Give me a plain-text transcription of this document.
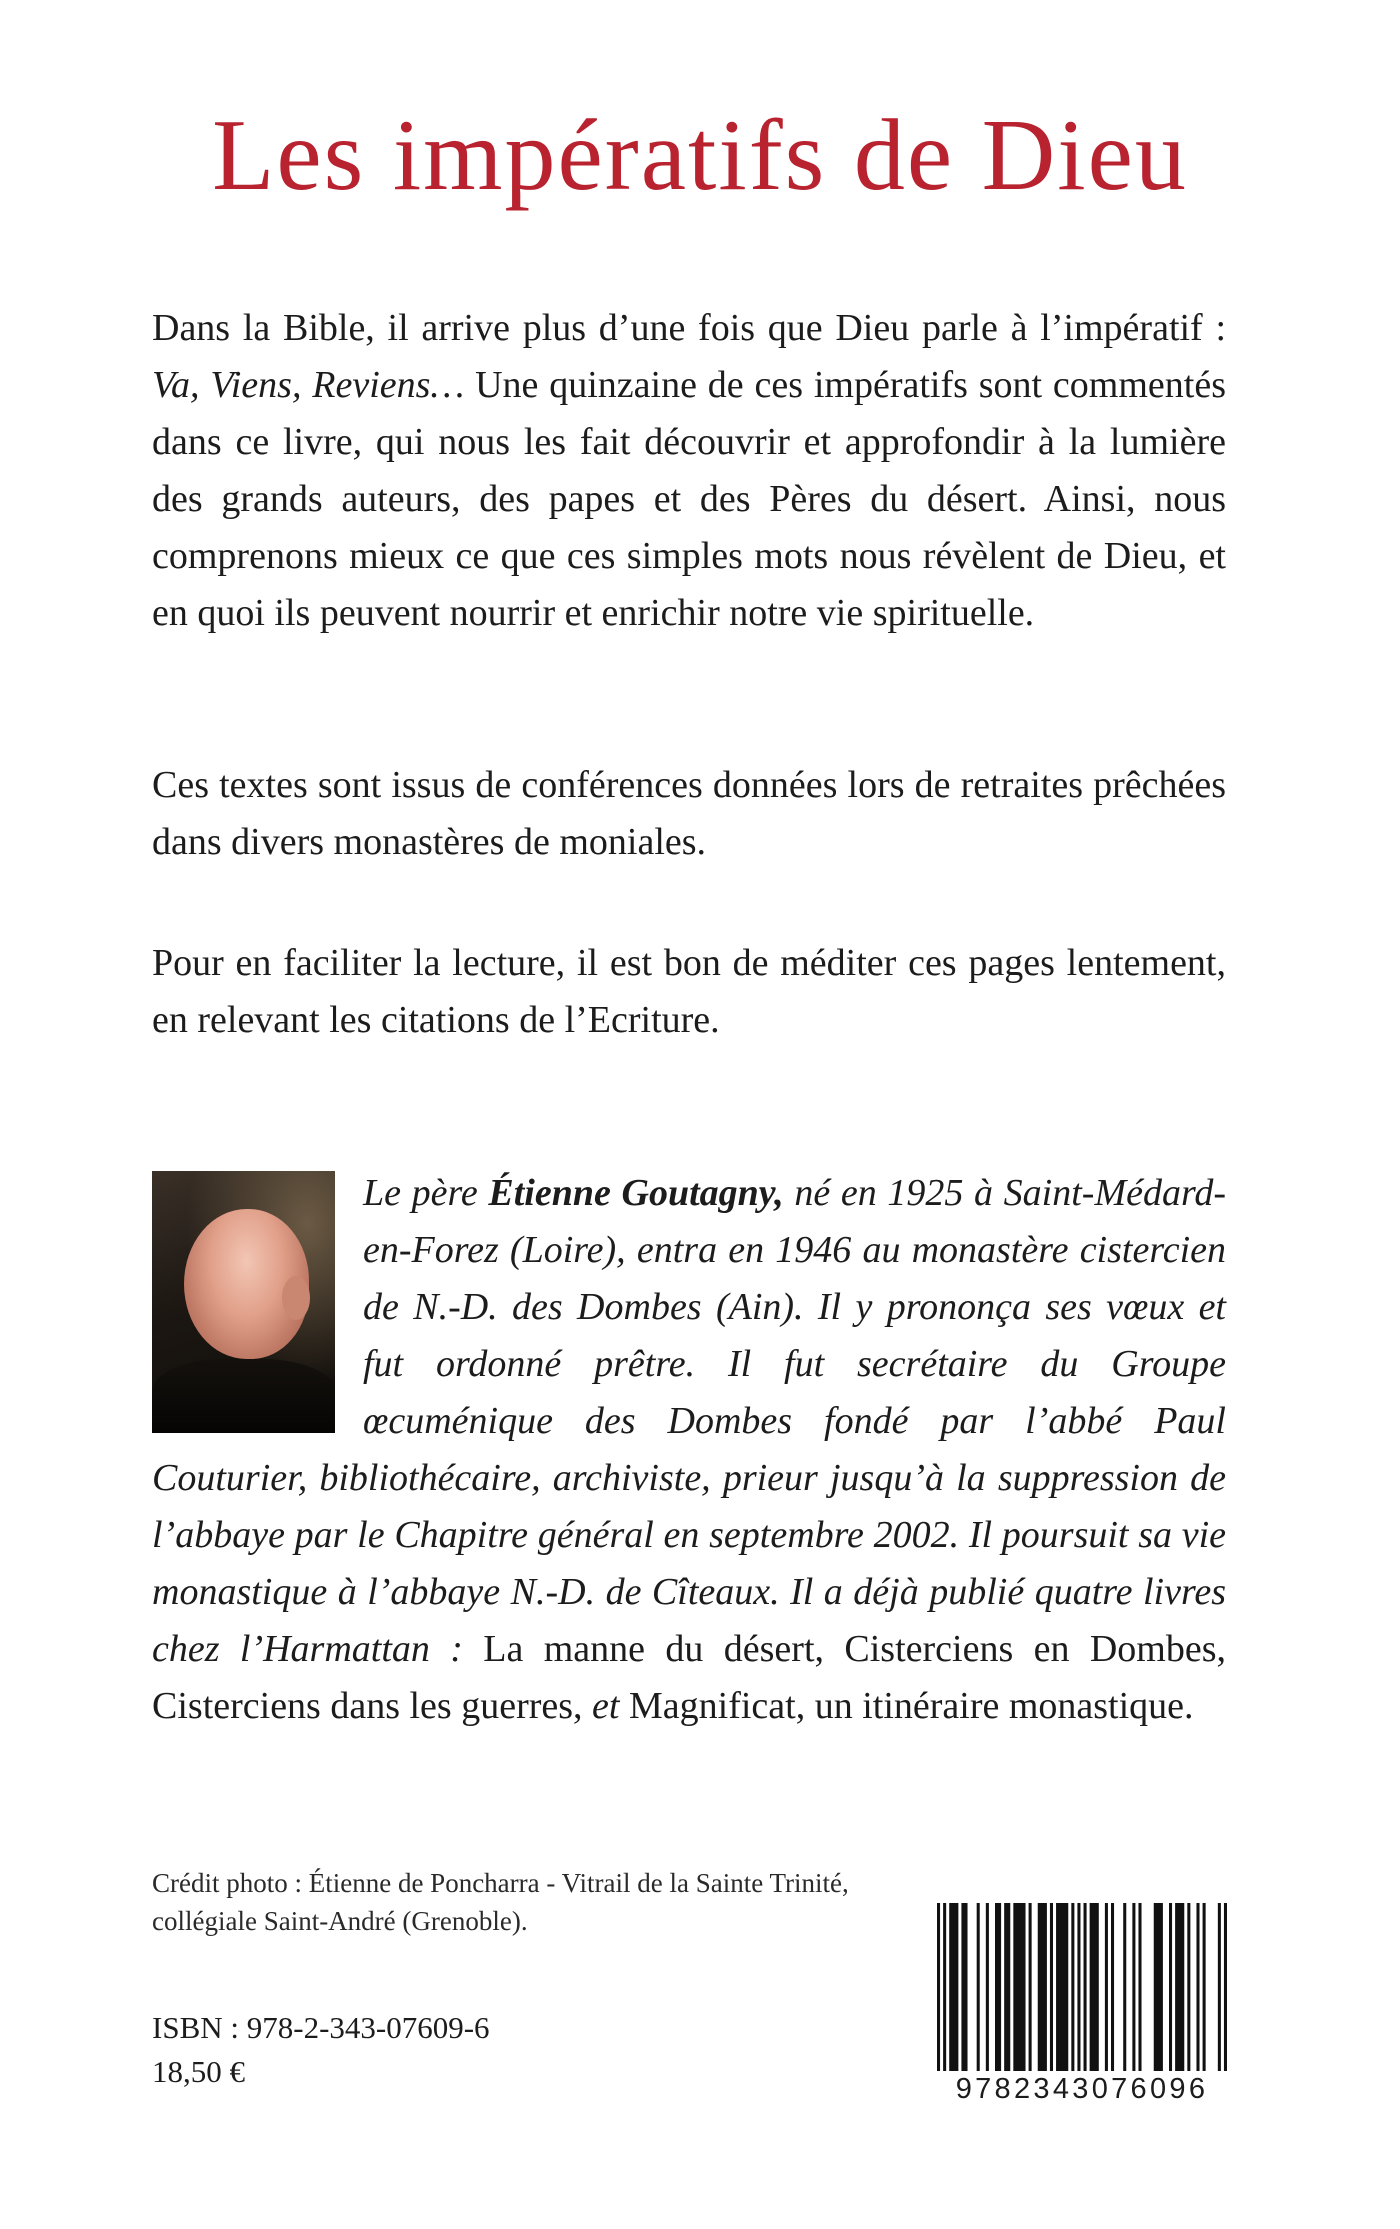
Les impératifs de Dieu

Dans la Bible, il arrive plus d’une fois que Dieu parle à l’impératif : Va, Viens, Reviens… Une quinzaine de ces impératifs sont commentés dans ce livre, qui nous les fait découvrir et approfondir à la lumière des grands auteurs, des papes et des Pères du désert. Ainsi, nous comprenons mieux ce que ces simples mots nous révèlent de Dieu, et en quoi ils peuvent nourrir et enrichir notre vie spirituelle.

Ces textes sont issus de conférences données lors de retraites prêchées dans divers monastères de moniales.

Pour en faciliter la lecture, il est bon de méditer ces pages lentement, en relevant les citations de l’Ecriture.

Le père Étienne Goutagny, né en 1925 à Saint-Médard-en-Forez (Loire), entra en 1946 au monastère cistercien de N.-D. des Dombes (Ain). Il y prononça ses vœux et fut ordonné prêtre. Il fut secrétaire du Groupe œcuménique des Dombes fondé par l’abbé Paul Couturier, bibliothécaire, archiviste, prieur jusqu’à la suppression de l’abbaye par le Chapitre général en septembre 2002. Il poursuit sa vie monastique à l’abbaye N.-D. de Cîteaux. Il a déjà publié quatre livres chez l’Harmattan : La manne du désert, Cisterciens en Dombes, Cisterciens dans les guerres, et Magnificat, un itinéraire monastique.

Crédit photo : Étienne de Poncharra - Vitrail de la Sainte Trinité, collégiale Saint-André (Grenoble).

ISBN : 978-2-343-07609-6

18,50 €	9782343076096
